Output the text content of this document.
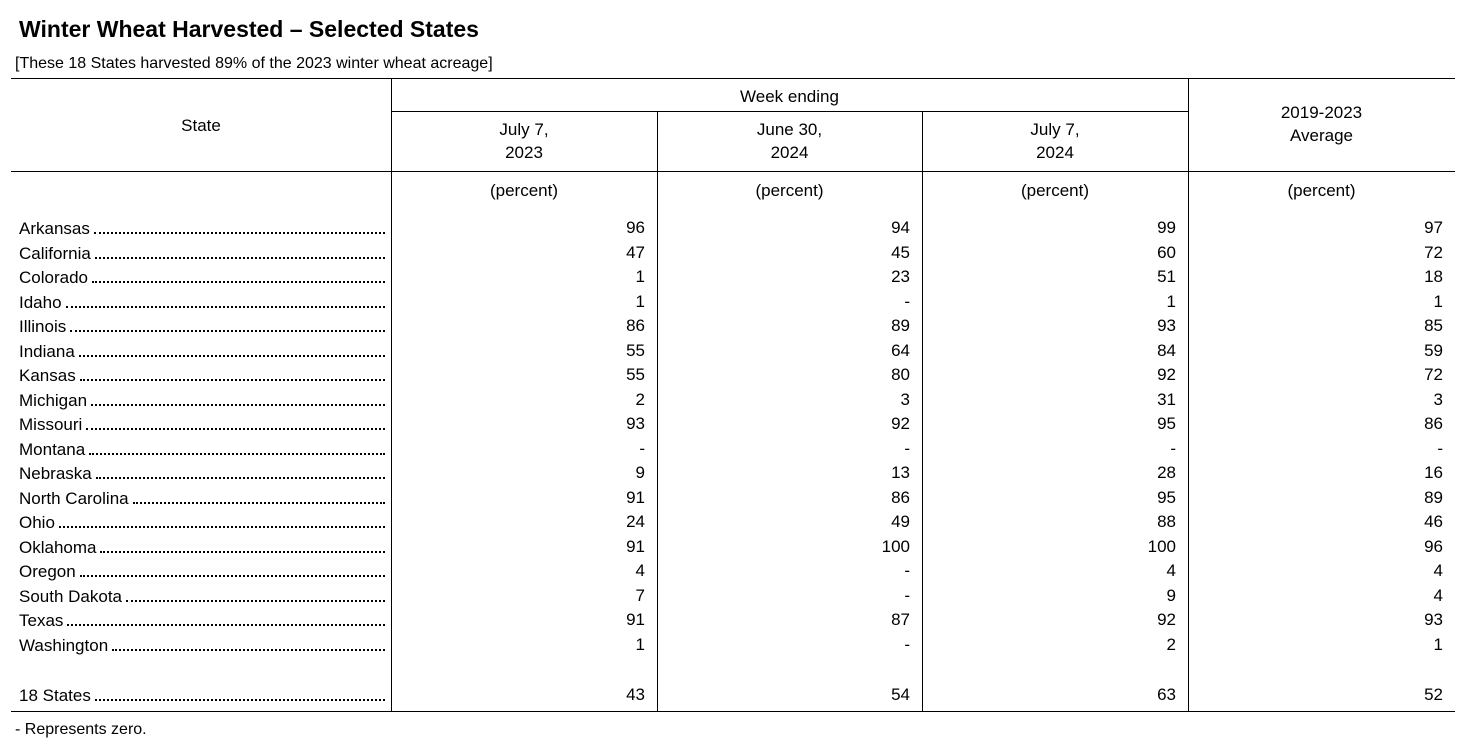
Winter Wheat Harvested – Selected States
[These 18 States harvested 89% of the 2023 winter wheat acreage]
State
Week ending
July 7,
2023
June 30,
2024
July 7,
2024
2019-2023
Average
(percent)	(percent)	(percent)	(percent)
Arkansas	96	94	99	97
California	47	45	60	72
Colorado	1	23	51	18
Idaho	1	-	1	1
Illinois	86	89	93	85
Indiana	55	64	84	59
Kansas	55	80	92	72
Michigan	2	3	31	3
Missouri	93	92	95	86
Montana	-	-	-	-
Nebraska	9	13	28	16
North Carolina	91	86	95	89
Ohio	24	49	88	46
Oklahoma	91	100	100	96
Oregon	4	-	4	4
South Dakota	7	-	9	4
Texas	91	87	92	93
Washington	1	-	2	1
18 States	43	54	63	52
- Represents zero.
